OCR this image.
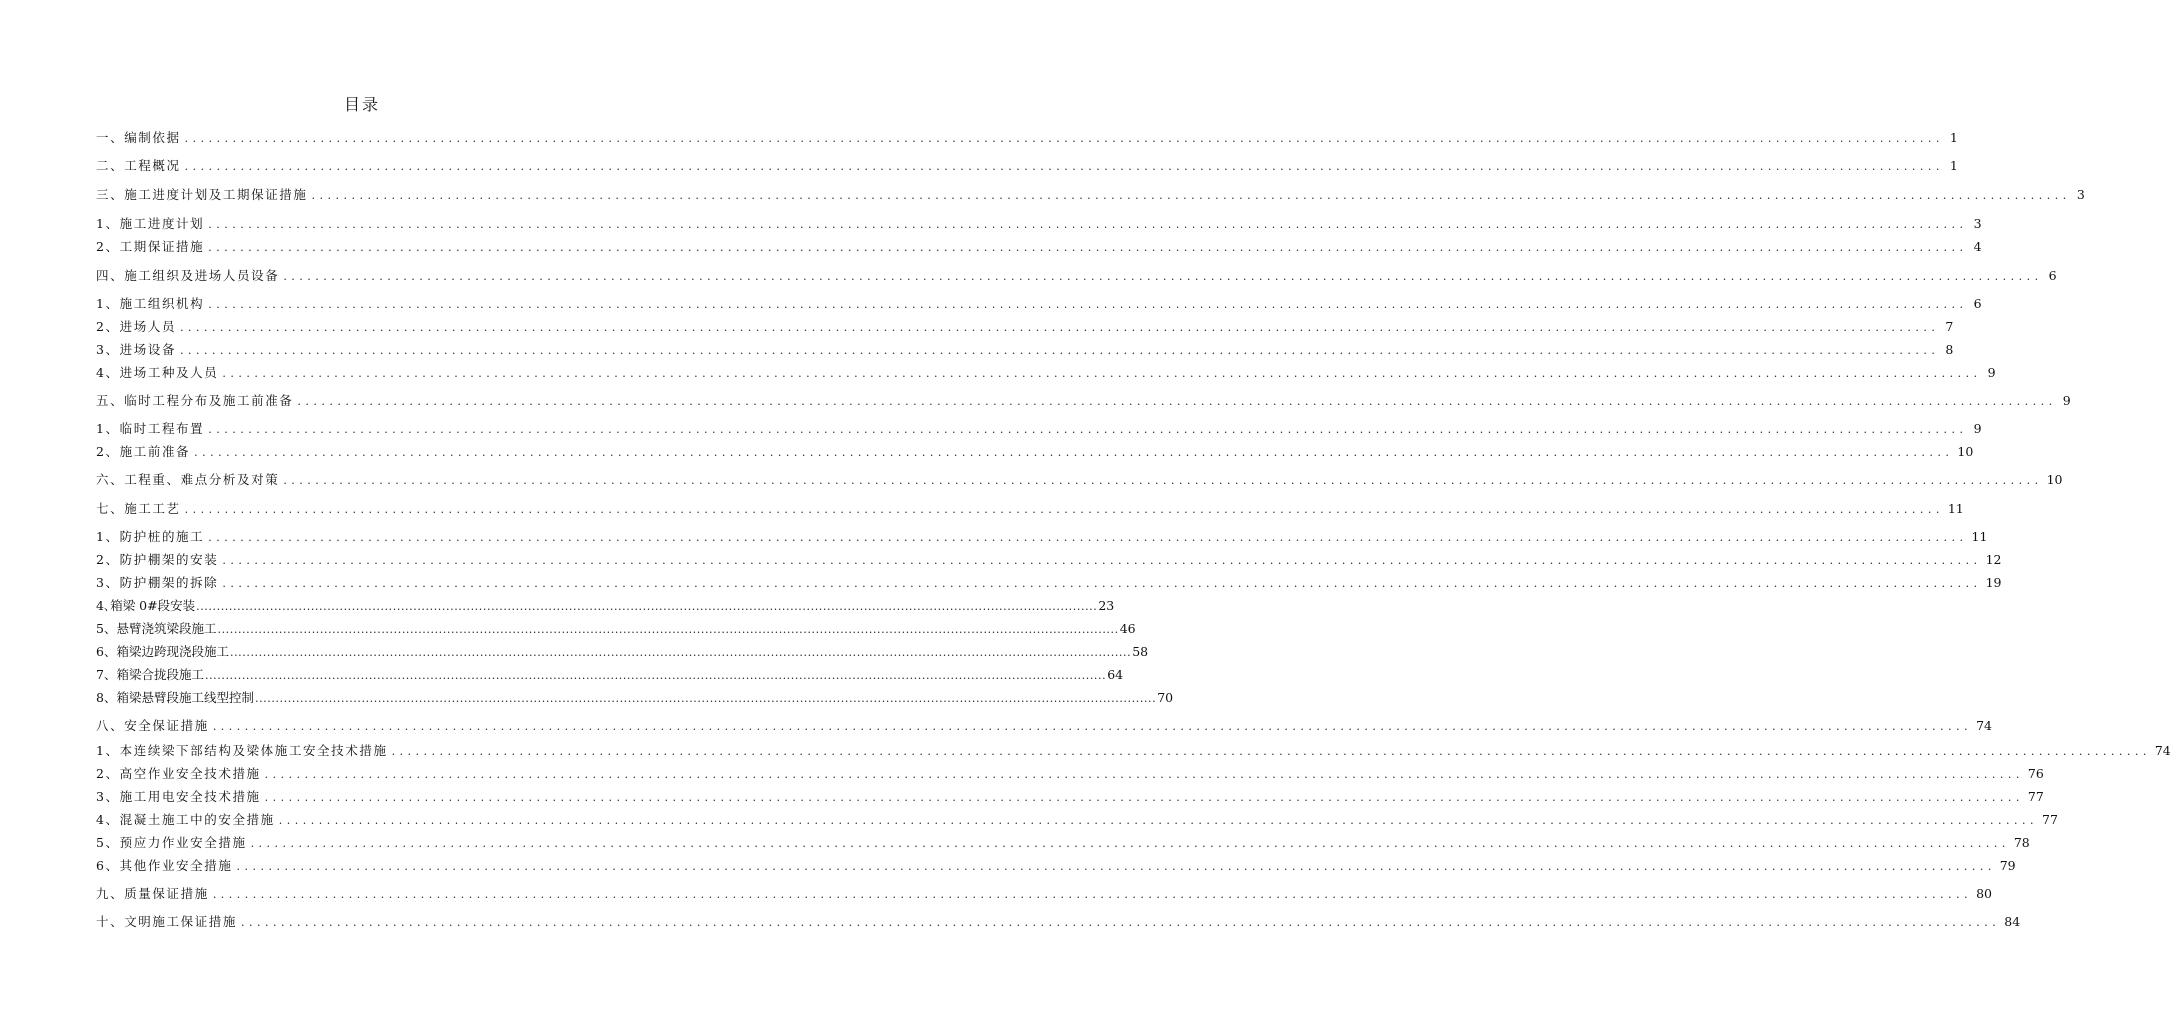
目录
一、编制依据 ............................................................................................................................................................................................................................ 1
二、工程概况 ............................................................................................................................................................................................................................ 1
三、施工进度计划及工期保证措施 ............................................................................................................................................................................................................................ 3
1、施工进度计划 ............................................................................................................................................................................................................................ 3
2、工期保证措施 ............................................................................................................................................................................................................................ 4
四、施工组织及进场人员设备 ............................................................................................................................................................................................................................ 6
1、施工组织机构 ............................................................................................................................................................................................................................ 6
2、进场人员 ............................................................................................................................................................................................................................ 7
3、进场设备 ............................................................................................................................................................................................................................ 8
4、进场工种及人员 ............................................................................................................................................................................................................................ 9
五、临时工程分布及施工前准备 ............................................................................................................................................................................................................................ 9
1、临时工程布置 ............................................................................................................................................................................................................................ 9
2、施工前准备 ............................................................................................................................................................................................................................ 10
六、工程重、难点分析及对策 ............................................................................................................................................................................................................................ 10
七、施工工艺 ............................................................................................................................................................................................................................ 11
1、防护桩的施工 ............................................................................................................................................................................................................................ 11
2、防护棚架的安装 ............................................................................................................................................................................................................................ 12
3、防护棚架的拆除 ............................................................................................................................................................................................................................ 19
4､箱梁 0#段安装 ............................................................................................................................................................................................................................ 23
5、悬臂浇筑梁段施工 ............................................................................................................................................................................................................................ 46
6、箱梁边跨现浇段施工 ............................................................................................................................................................................................................................ 58
7、箱梁合拢段施工 ............................................................................................................................................................................................................................ 64
8、箱梁悬臂段施工线型控制 ............................................................................................................................................................................................................................ 70
八、安全保证措施 ............................................................................................................................................................................................................................ 74
1、本连续梁下部结构及梁体施工安全技术措施 ............................................................................................................................................................................................................................ 74
2、高空作业安全技术措施 ............................................................................................................................................................................................................................ 76
3、施工用电安全技术措施 ............................................................................................................................................................................................................................ 77
4、混凝土施工中的安全措施 ............................................................................................................................................................................................................................ 77
5、预应力作业安全措施 ............................................................................................................................................................................................................................ 78
6、其他作业安全措施 ............................................................................................................................................................................................................................ 79
九、质量保证措施 ............................................................................................................................................................................................................................ 80
十、文明施工保证措施 ............................................................................................................................................................................................................................ 84
